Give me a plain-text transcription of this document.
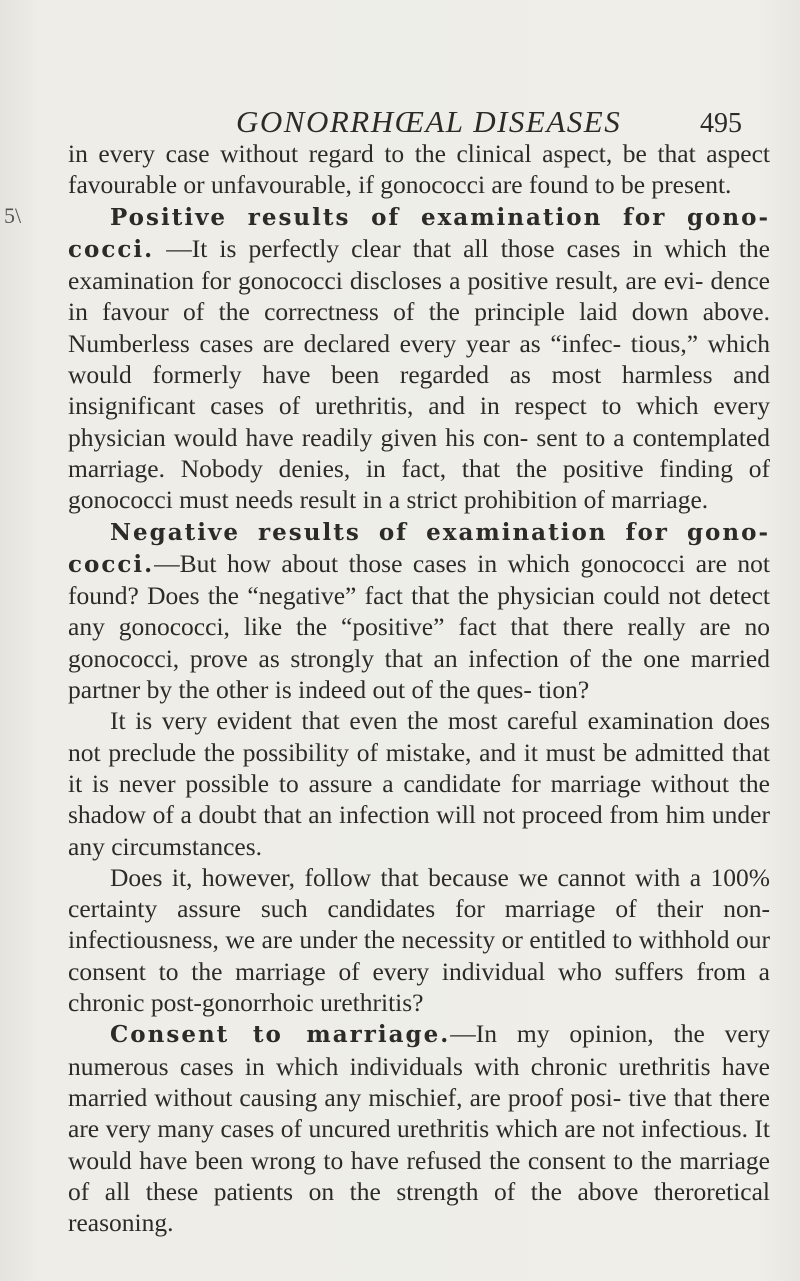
GONORRHŒAL DISEASES	495
5\

in every case without regard to the clinical aspect, be that aspect favourable or unfavourable, if gonococci are found to be present.

Positive results of examination for gono- cocci. —It is perfectly clear that all those cases in which the examination for gonococci discloses a positive result, are evi- dence in favour of the correctness of the principle laid down above. Numberless cases are declared every year as “infec- tious,” which would formerly have been regarded as most harmless and insignificant cases of urethritis, and in respect to which every physician would have readily given his con- sent to a contemplated marriage. Nobody denies, in fact, that the positive finding of gonococci must needs result in a strict prohibition of marriage.

Negative results of examination for gono- cocci.—But how about those cases in which gonococci are not found? Does the “negative” fact that the physician could not detect any gonococci, like the “positive” fact that there really are no gonococci, prove as strongly that an infection of the one married partner by the other is indeed out of the ques- tion?

It is very evident that even the most careful examination does not preclude the possibility of mistake, and it must be admitted that it is never possible to assure a candidate for marriage without the shadow of a doubt that an infection will not proceed from him under any circumstances.

Does it, however, follow that because we cannot with a 100% certainty assure such candidates for marriage of their non-infectiousness, we are under the necessity or entitled to withhold our consent to the marriage of every individual who suffers from a chronic post-gonorrhoic urethritis?

Consent to marriage.—In my opinion, the very numerous cases in which individuals with chronic urethritis have married without causing any mischief, are proof posi- tive that there are very many cases of uncured urethritis which are not infectious. It would have been wrong to have refused the consent to the marriage of all these patients on the strength of the above theroretical reasoning.
